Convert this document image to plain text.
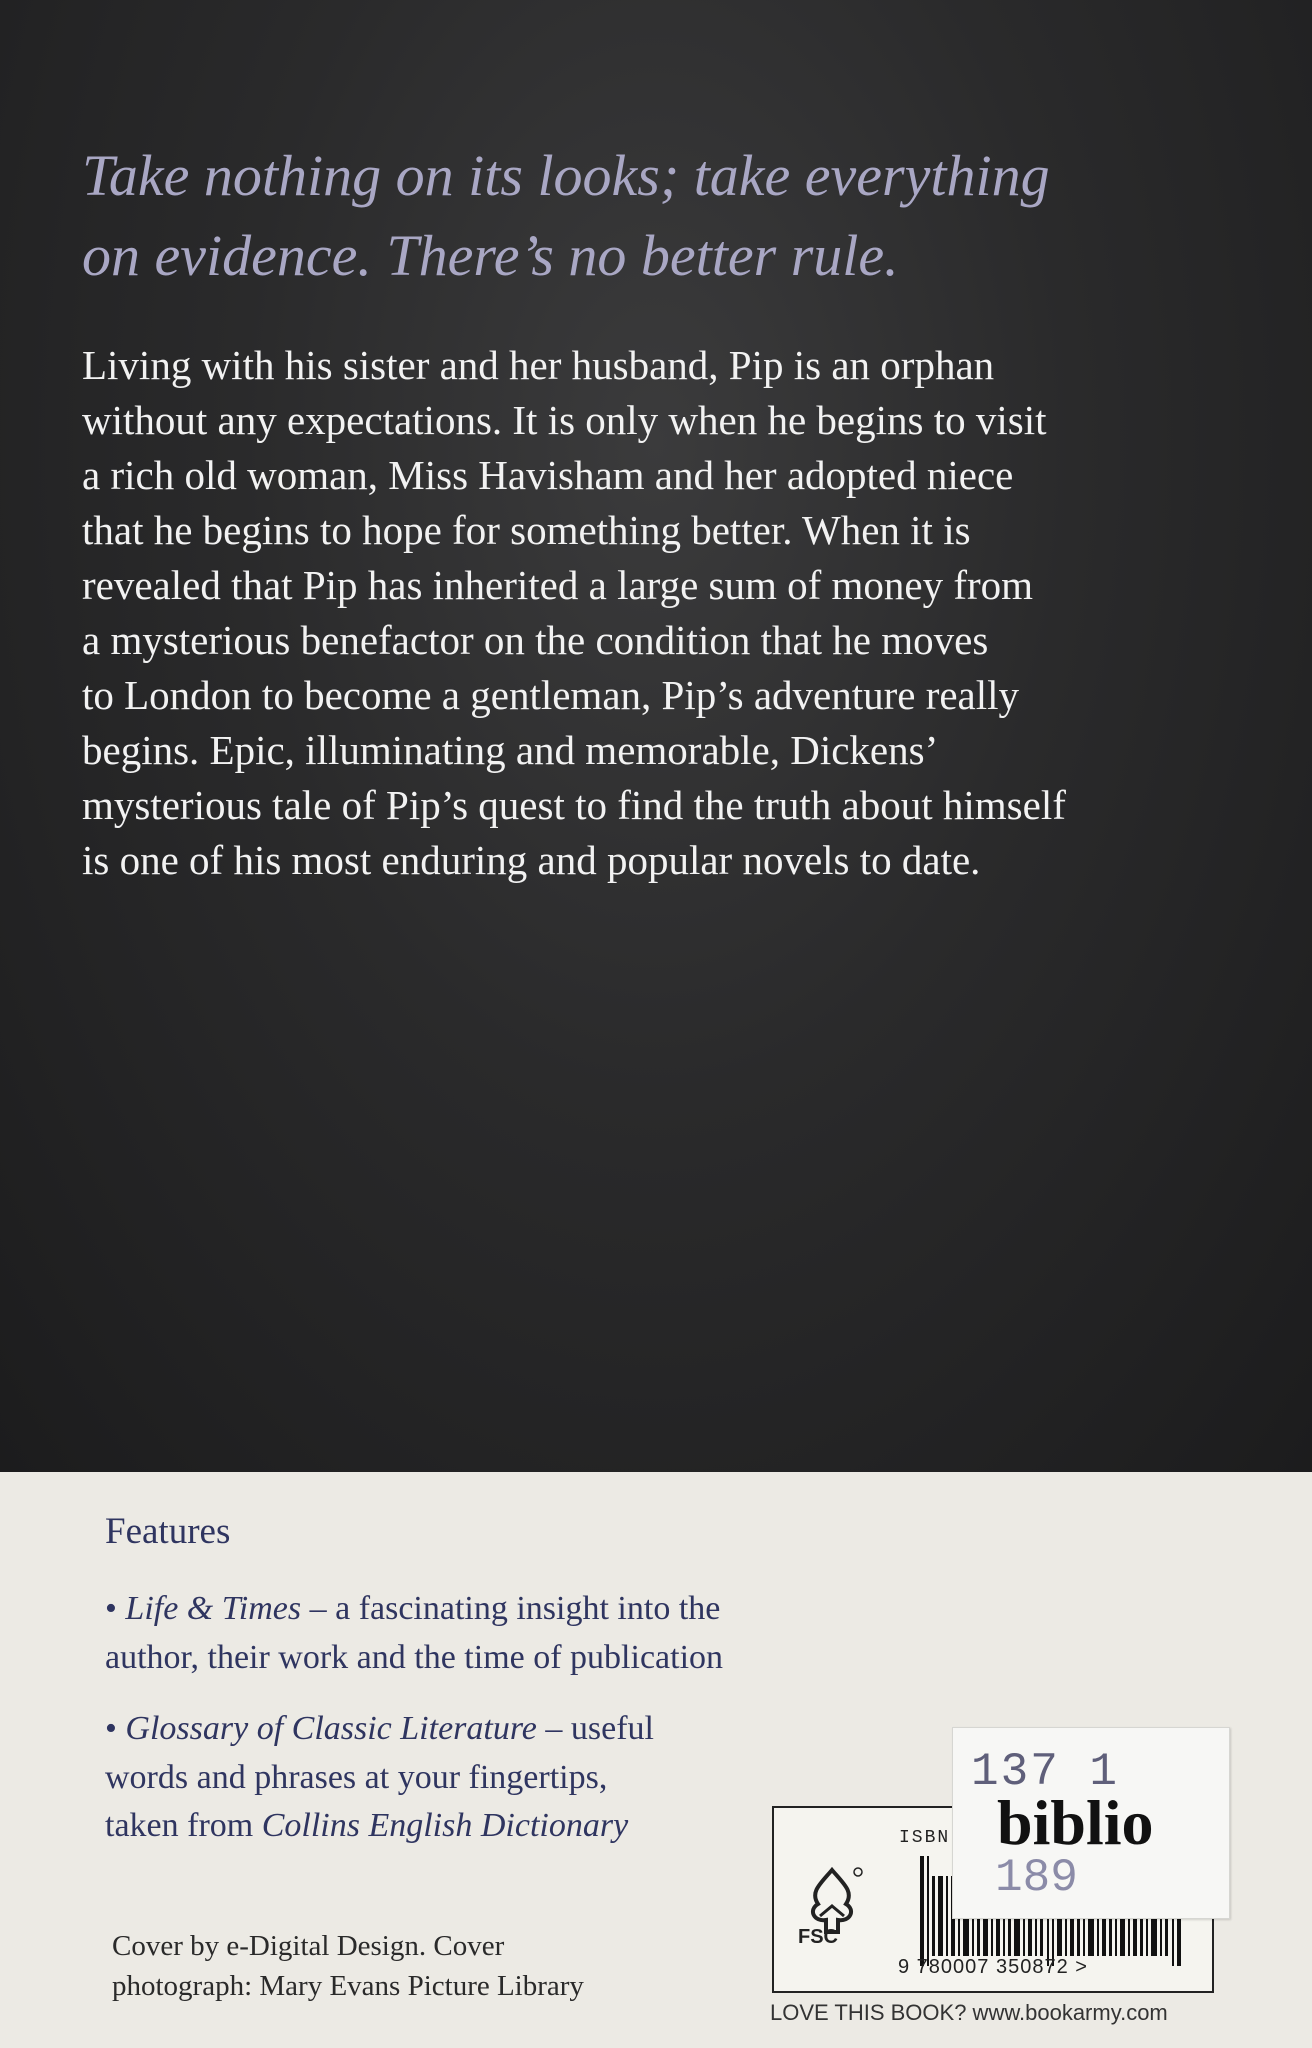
Take nothing on its looks; take everything
on evidence. There’s no better rule.
Living with his sister and her husband, Pip is an orphan
without any expectations. It is only when he begins to visit
a rich old woman, Miss Havisham and her adopted niece
that he begins to hope for something better. When it is
revealed that Pip has inherited a large sum of money from
a mysterious benefactor on the condition that he moves
to London to become a gentleman, Pip’s adventure really
begins. Epic, illuminating and memorable, Dickens’
mysterious tale of Pip’s quest to find the truth about himself
is one of his most enduring and popular novels to date.
Features
• Life & Times – a fascinating insight into the
author, their work and the time of publication
• Glossary of Classic Literature – useful
words and phrases at your fingertips,
taken from Collins English Dictionary
Cover by e-Digital Design. Cover
photograph: Mary Evans Picture Library
ISBN
FSC
9 780007 350872 >
LOVE THIS BOOK? www.bookarmy.com
137 1
biblio
189
